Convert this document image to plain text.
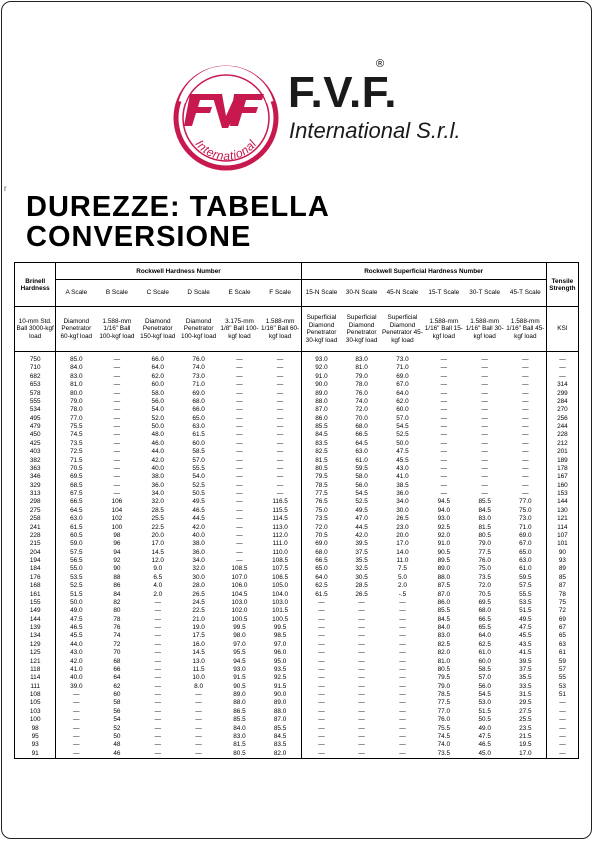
International
F.V.F.
®
International S.r.l.
r
DUREZZE: TABELLA
CONVERSIONE
Brinell Hardness	Rockwell Hardness Number						Rockwell Superficial Hardness Number						Tensile Strength
	A Scale	B Scale	C Scale	D Scale	E Scale	F Scale	15-N Scale	30-N Scale	45-N Scale	15-T Scale	30-T Scale	45-T Scale	
10-mm Std. Ball 3000-kgf load	Diamond Penetrator 60-kgf load	1.588-mm 1/16" Ball 100-kgf load	Diamond Penetrator 150-kgf load	Diamond Penetrator 100-kgf load	3.175-mm 1/8" Ball 100-kgf load	1.588-mm 1/16" Ball 60-kgf load	Superficial Diamond Penetrator 30-kgf load	Superficial Diamond Penetrator 30-kgf load	Superficial Diamond Penetrator 45-kgf load	1.588-mm 1/16" Ball 15-kgf load	1.588-mm 1/16" Ball 30-kgf load	1.588-mm 1/16" Ball 45-kgf load	KSI
750	85.0	—	66.0	76.0	—	—	93.0	83.0	73.0	—	—	—	—
710	84.0	—	64.0	74.0	—	—	92.0	81.0	71.0	—	—	—	—
682	83.0	—	62.0	73.0	—	—	91.0	79.0	69.0	—	—	—	—
653	81.0	—	60.0	71.0	—	—	90.0	78.0	67.0	—	—	—	314
578	80.0	—	58.0	69.0	—	—	89.0	76.0	64.0	—	—	—	299
555	79.0	—	56.0	68.0	—	—	88.0	74.0	62.0	—	—	—	284
534	78.0	—	54.0	66.0	—	—	87.0	72.0	60.0	—	—	—	270
495	77.0	—	52.0	65.0	—	—	86.0	70.0	57.0	—	—	—	256
479	75.5	—	50.0	63.0	—	—	85.5	68.0	54.5	—	—	—	244
450	74.5	—	48.0	61.5	—	—	84.5	66.5	52.5	—	—	—	228
425	73.5	—	46.0	60.0	—	—	83.5	64.5	50.0	—	—	—	212
403	72.5	—	44.0	58.5	—	—	82.5	63.0	47.5	—	—	—	201
382	71.5	—	42.0	57.0	—	—	81.5	61.0	45.5	—	—	—	189
363	70.5	—	40.0	55.5	—	—	80.5	59.5	43.0	—	—	—	178
346	69.5	—	38.0	54.0	—	—	79.5	58.0	41.0	—	—	—	167
329	68.5	—	36.0	52.5	—	—	78.5	56.0	38.5	—	—	—	160
313	67.5	—	34.0	50.5	—	—	77.5	54.5	36.0	—	—	—	153
298	66.5	106	32.0	49.5	—	116.5	76.5	52.5	34.0	94.5	85.5	77.0	144
275	64.5	104	28.5	46.5	—	115.5	75.0	49.5	30.0	94.0	84.5	75.0	130
258	63.0	102	25.5	44.5	—	114.5	73.5	47.0	26.5	93.0	83.0	73.0	121
241	61.5	100	22.5	42.0	—	113.0	72.0	44.5	23.0	92.5	81.5	71.0	114
228	60.5	98	20.0	40.0	—	112.0	70.5	42.0	20.0	92.0	80.5	69.0	107
215	59.0	96	17.0	38.0	—	111.0	69.0	39.5	17.0	91.0	79.0	67.0	101
204	57.5	94	14.5	36.0	—	110.0	68.0	37.5	14.0	90.5	77.5	65.0	90
194	56.5	92	12.0	34.0	—	108.5	66.5	35.5	11.0	89.5	76.0	63.0	93
184	55.0	90	9.0	32.0	108.5	107.5	65.0	32.5	7.5	89.0	75.0	61.0	89
176	53.5	88	6.5	30.0	107.0	106.5	64.0	30.5	5.0	88.0	73.5	59.5	85
168	52.5	86	4.0	28.0	106.0	105.0	62.5	28.5	2.0	87.5	72.0	57.5	87
161	51.5	84	2.0	26.5	104.5	104.0	61.5	26.5	-.5	87.0	70.5	55.5	78
155	50.0	82	—	24.5	103.0	103.0	—	—	—	86.0	69.5	53.5	75
149	49.0	80	—	22.5	102.0	101.5	—	—	—	85.5	68.0	51.5	72
144	47.5	78	—	21.0	100.5	100.5	—	—	—	84.5	66.5	49.5	69
139	46.5	76	—	19.0	99.5	99.5	—	—	—	84.0	65.5	47.5	67
134	45.5	74	—	17.5	98.0	98.5	—	—	—	83.0	64.0	45.5	65
129	44.0	72	—	16.0	97.0	97.0	—	—	—	82.5	62.5	43.5	63
125	43.0	70	—	14.5	95.5	96.0	—	—	—	82.0	61.0	41.5	61
121	42.0	68	—	13.0	94.5	95.0	—	—	—	81.0	60.0	39.5	59
118	41.0	66	—	11.5	93.0	93.5	—	—	—	80.5	58.5	37.5	57
114	40.0	64	—	10.0	91.5	92.5	—	—	—	79.5	57.0	35.5	55
111	39.0	62	—	8.0	90.5	91.5	—	—	—	79.0	56.0	33.5	53
108	—	60	—	—	89.0	90.0	—	—	—	78.5	54.5	31.5	51
105	—	58	—	—	88.0	89.0	—	—	—	77.5	53.0	29.5	—
103	—	56	—	—	86.5	88.0	—	—	—	77.0	51.5	27.5	—
100	—	54	—	—	85.5	87.0	—	—	—	76.0	50.5	25.5	—
98	—	52	—	—	84.0	85.5	—	—	—	75.5	49.0	23.5	—
95	—	50	—	—	83.0	84.5	—	—	—	74.5	47.5	21.5	—
93	—	48	—	—	81.5	83.5	—	—	—	74.0	46.5	19.5	—
91	—	46	—	—	80.5	82.0	—	—	—	73.5	45.0	17.0	—
